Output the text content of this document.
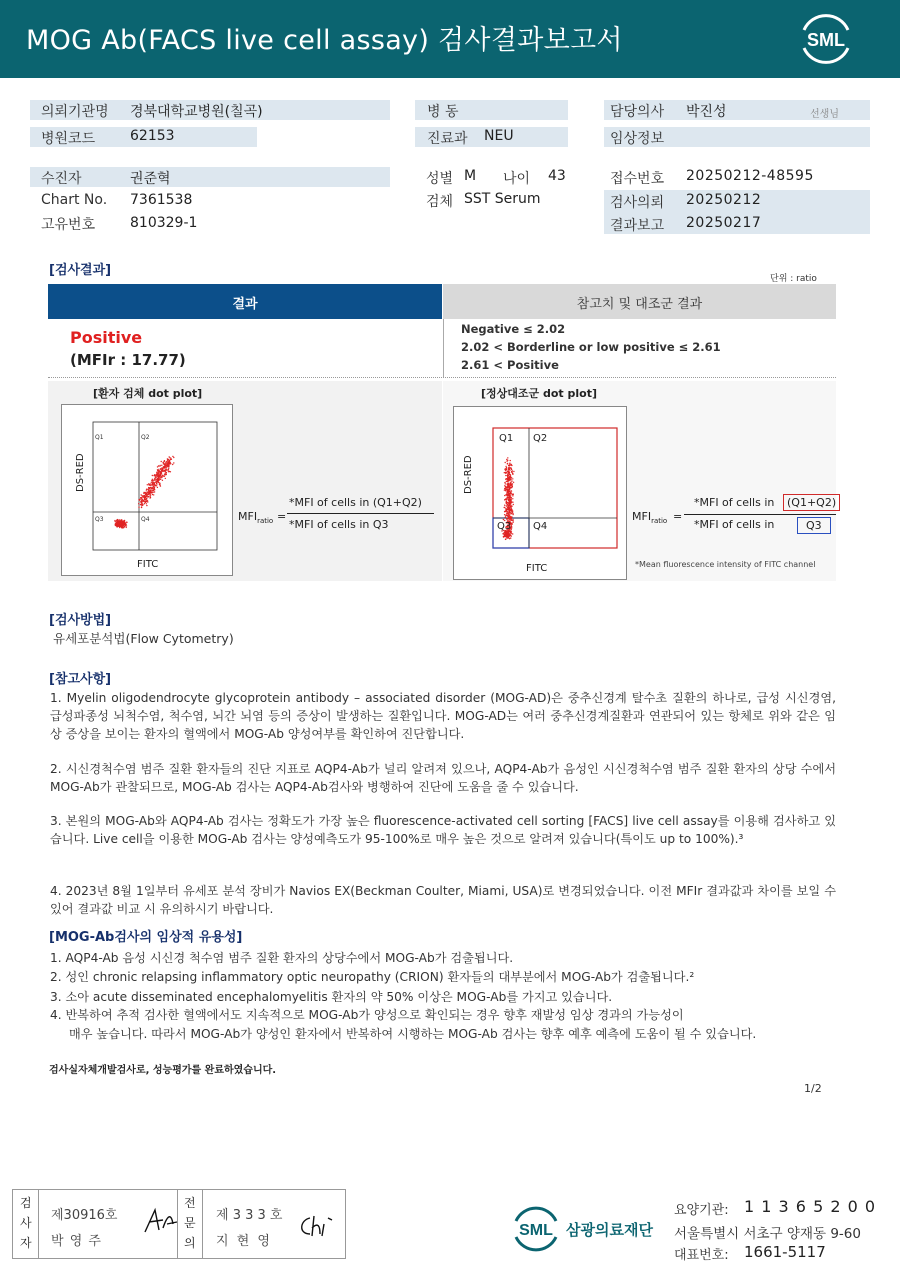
MOG Ab(FACS live cell assay) 검사결과보고서	SML
의뢰기관명 경북대학교병원(칠곡)
병원코드 62153
병 동
진료과 NEU
담당의사 박진성	선생님
임상정보
수진자	권준혁
Chart No. 7361538
고유번호 810329-1
성별 M 나이 43
검체 SST Serum
접수번호 20250212-48595
검사의뢰 20250212
결과보고 20250217
[검사결과]
단위 : ratio
결과	참고치 및 대조군 결과
Positive
(MFIr : 17.77)
Negative ≤ 2.02
2.02 < Borderline or low positive ≤ 2.61
2.61 < Positive
[환자 검체 dot plot]	[정상대조군 dot plot]
Q2
Q3	Q4
Q1
DS-RED
FITC
$MFI_{ratio}$ =
*MFI of cells in (Q1+Q2)
*MFI of cells in Q3
Q1 Q2
Q3 Q4
DS-RED
FITC
$MFI_{ratio}$ =
*MFI of cells in	(Q1+Q2)
*MFI of cells in	Q3
*Mean fluorescence intensity of FITC channel
[검사방법]
유세포분석법(Flow Cytometry)
[참고사항]
1. Myelin oligodendrocyte glycoprotein antibody – associated disorder (MOG-AD)은 중추신경계 탈수초 질환의 하나로, 급성 시신경염, 급성파종성 뇌척수염, 척수염, 뇌간 뇌염 등의 증상이 발생하는 질환입니다. MOG-AD는 여러 중추신경계질환과 연관되어 있는 항체로 위와 같은 임상 증상을 보이는 환자의 혈액에서 MOG-Ab 양성여부를 확인하여 진단합니다.
2. 시신경척수염 범주 질환 환자들의 진단 지표로 AQP4-Ab가 널리 알려져 있으나, AQP4-Ab가 음성인 시신경척수염 범주 질환 환자의 상당 수에서 MOG-Ab가 관찰되므로, MOG-Ab 검사는 AQP4-Ab검사와 병행하여 진단에 도움을 줄 수 있습니다.
3. 본원의 MOG-Ab와 AQP4-Ab 검사는 정확도가 가장 높은 fluorescence-activated cell sorting [FACS] live cell assay를 이용해 검사하고 있습니다. Live cell을 이용한 MOG-Ab 검사는 양성예측도가 95-100%로 매우 높은 것으로 알려져 있습니다(특이도 up to 100%).³
4. 2023년 8월 1일부터 유세포 분석 장비가 Navios EX(Beckman Coulter, Miami, USA)로 변경되었습니다. 이전 MFIr 결과값과 차이를 보일 수 있어 결과값 비교 시 유의하시기 바랍니다.
[MOG-Ab검사의 임상적 유용성]
1. AQP4-Ab 음성 시신경 척수염 범주 질환 환자의 상당수에서 MOG-Ab가 검출됩니다.
2. 성인 chronic relapsing inflammatory optic neuropathy (CRION) 환자들의 대부분에서 MOG-Ab가 검출됩니다.²
3. 소아 acute disseminated encephalomyelitis 환자의 약 50% 이상은 MOG-Ab를 가지고 있습니다.
4. 반복하여 추적 검사한 혈액에서도 지속적으로 MOG-Ab가 양성으로 확인되는 경우 향후 재발성 임상 경과의 가능성이
매우 높습니다. 따라서 MOG-Ab가 양성인 환자에서 반복하여 시행하는 MOG-Ab 검사는 향후 예후 예측에 도움이 될 수 있습니다.
검사실자체개발검사로, 성능평가를 완료하였습니다.
1/2
검
사
자
제30916호
박 영 주
전
문
의
제 3 3 3 호
지 현 영
SML 삼광의료재단
요양기관: 1 1 3 6 5 2 0 0
서울특별시 서초구 양재동 9-60
대표번호: 1661-5117
